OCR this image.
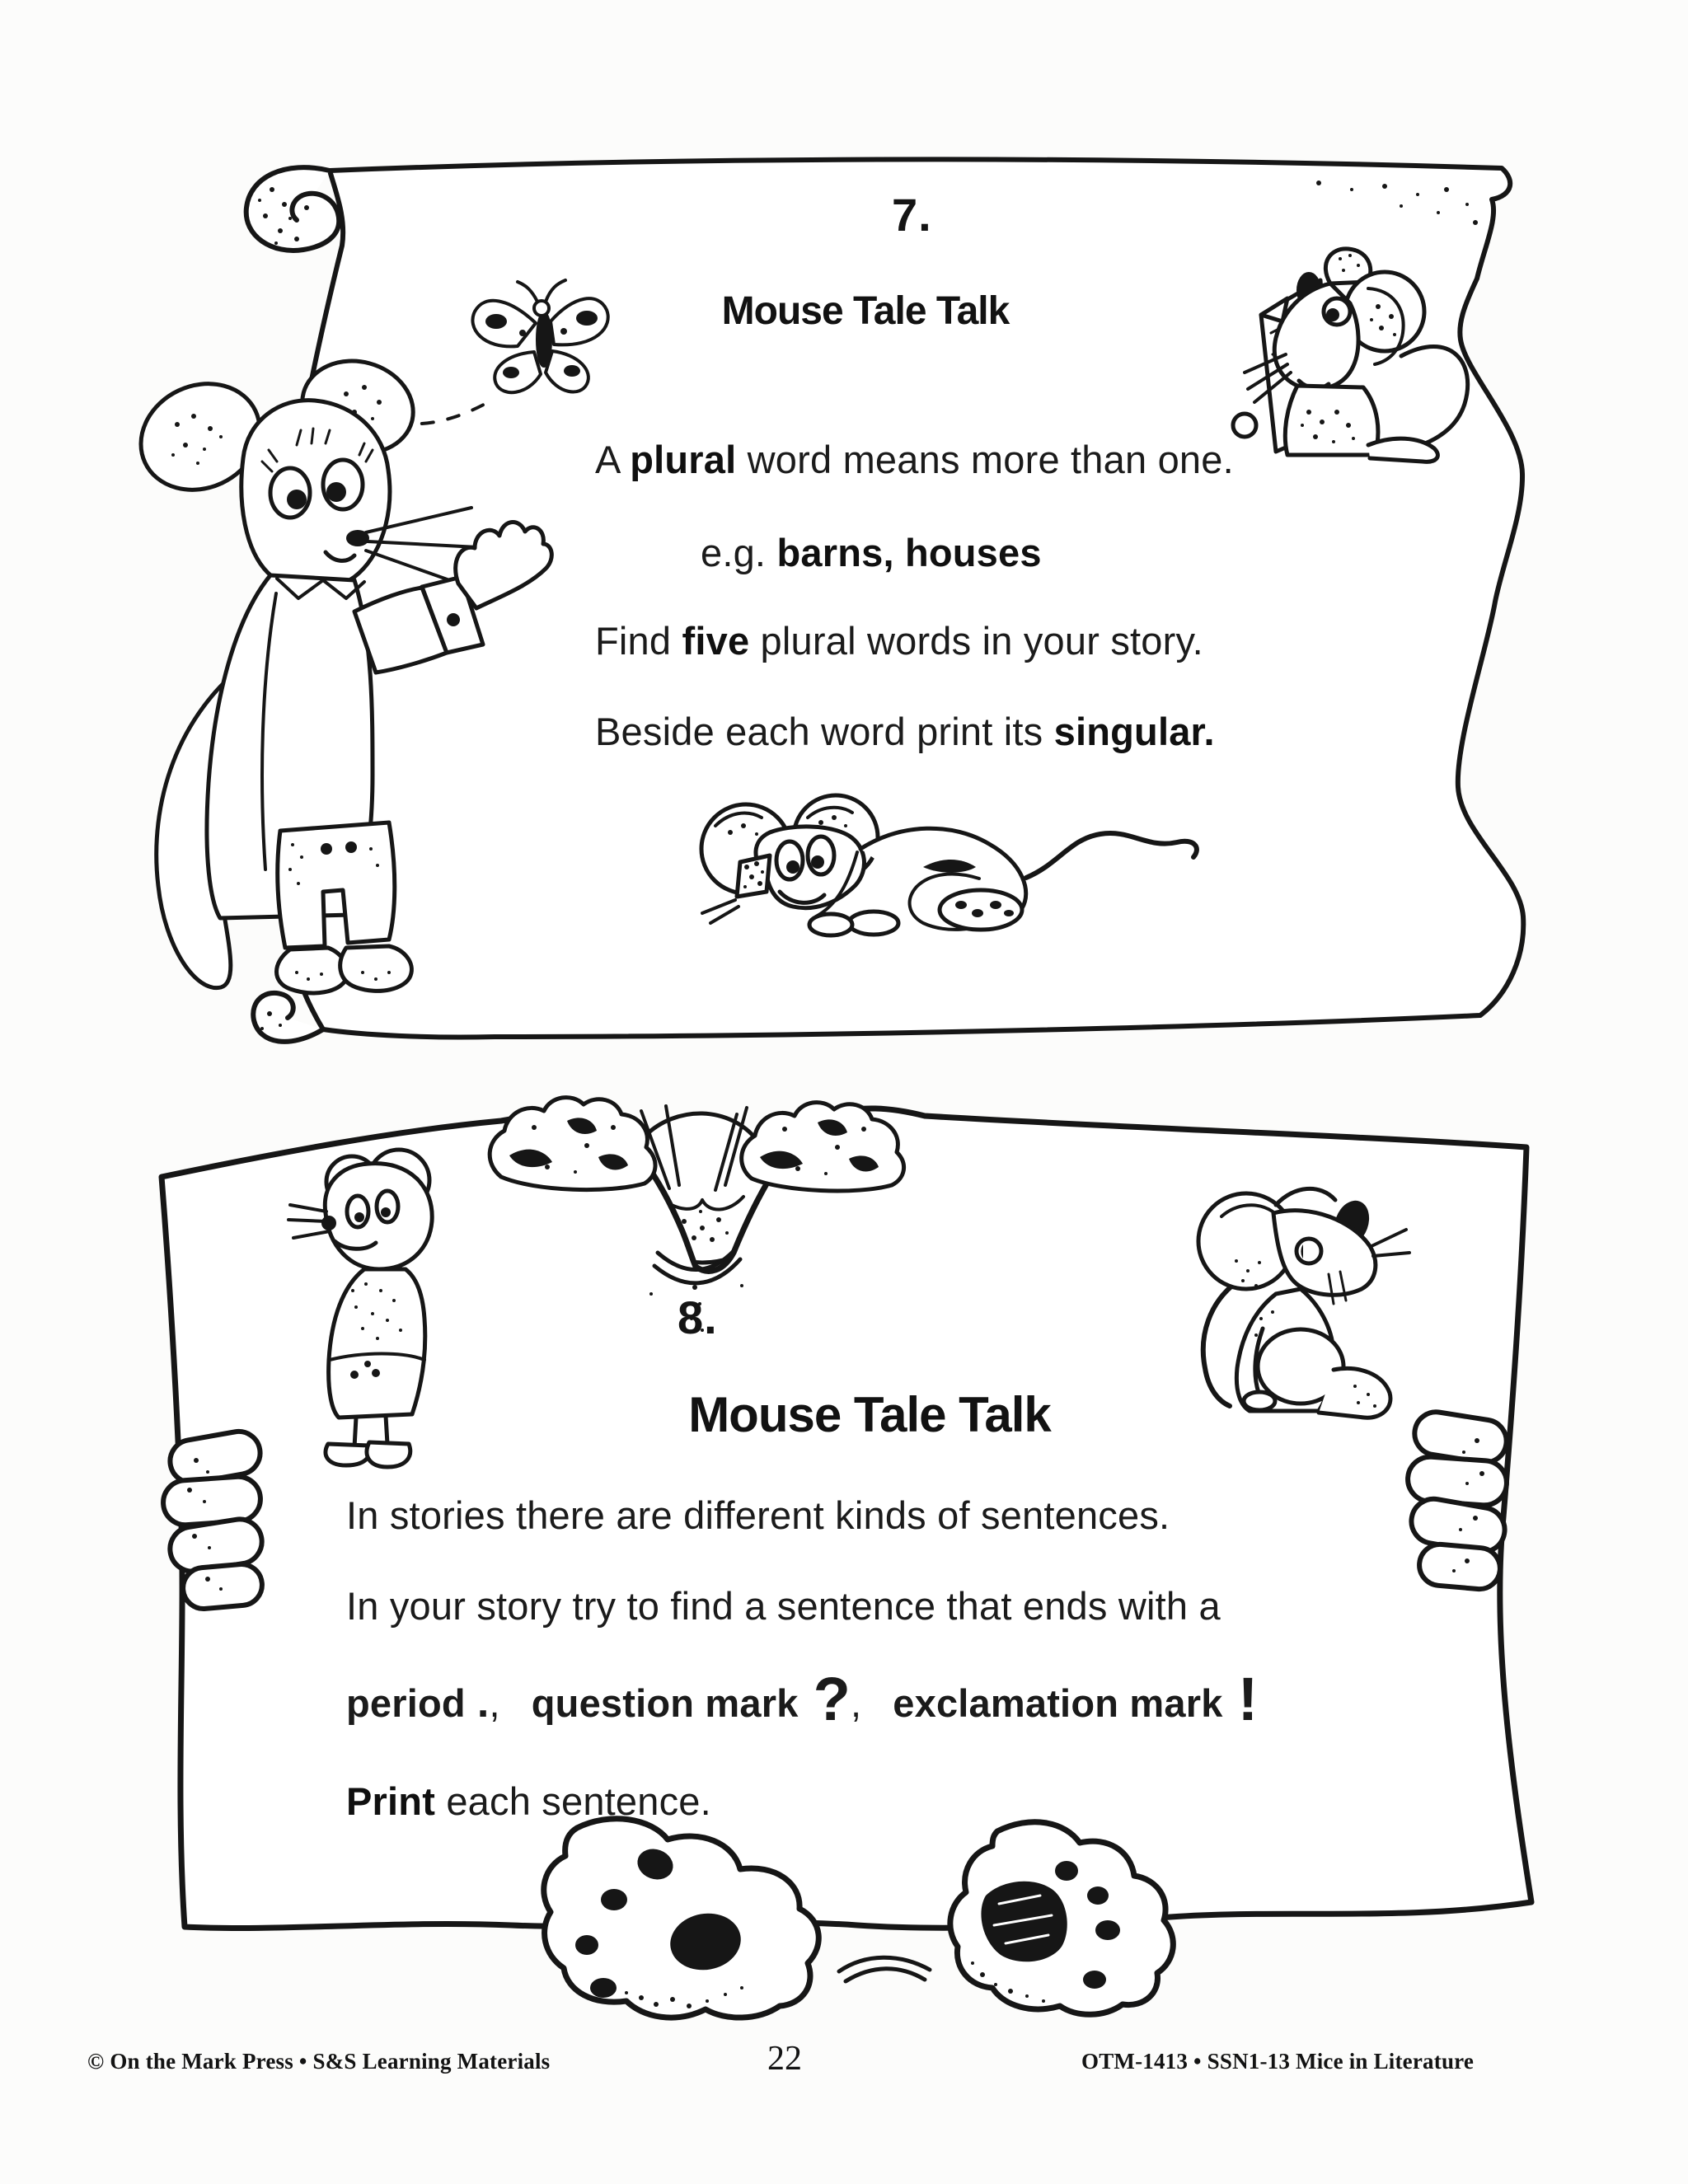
7.
Mouse Tale Talk
A plural word means more than one.
e.g. barns, houses
Find five plural words in your story.
Beside each word print its singular.
8.
Mouse Tale Talk
In stories there are different kinds of sentences.
In your story try to find a sentence that ends with a
period ., question mark ?, exclamation mark !
Print each sentence.
© On the Mark Press • S&S Learning Materials	22	OTM-1413 • SSN1-13 Mice in Literature
